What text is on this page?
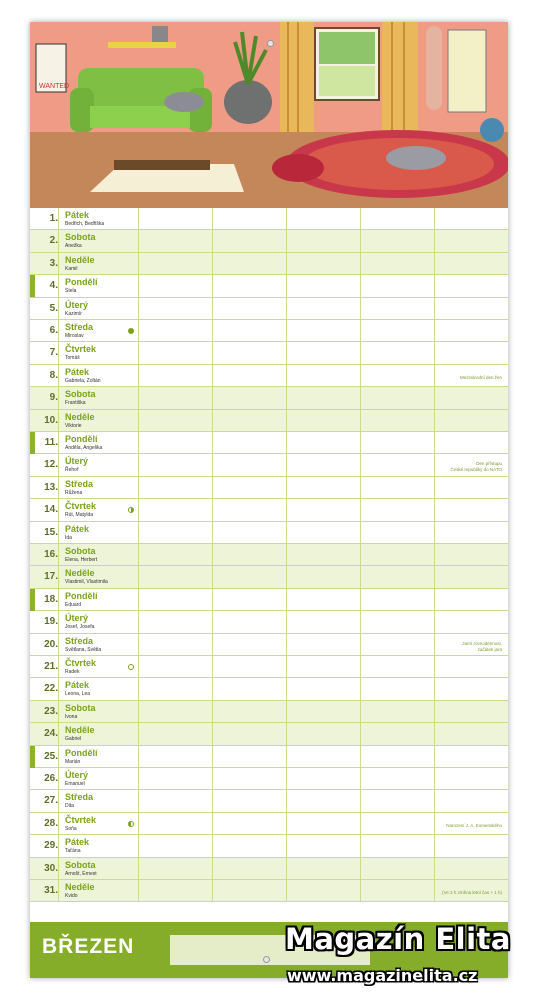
WANTED
1. Pátek
Bedřich, Bedřiška
2. Sobota
Anežka
3. Neděle
Kamil
4. Pondělí
Stela
5. Úterý
Kazimír
6. Středa
Miroslav
7. Čtvrtek
Tomáš
8. Pátek
Gabriela, Zoltán
Mezinárodní den žen
9. Sobota
Františka
10. Neděle
Viktorie
11. Pondělí
Anděla, Angelika
12. Úterý
Řehoř
Den přístupu
České republiky do NATO
13. Středa
Růžena
14. Čtvrtek
Rút, Matylda
15. Pátek
Ida
16. Sobota
Elena, Herbert
17. Neděle
Vlastimil, Vlastimila
18. Pondělí
Eduard
19. Úterý
Josef, Josefa
20. Středa
Světlana, Světla
Jarní rovnodennost,
začátek jara
21. Čtvrtek
Radek
22. Pátek
Leona, Lea
23. Sobota
Ivona
24. Neděle
Gabriel
25. Pondělí
Marián
26. Úterý
Emanuel
27. Středa
Dita
28. Čtvrtek
Soňa
Narození J. A. Komenského
29. Pátek
Taťána
30. Sobota
Arnošt, Ernest
31. Neděle
Kvido
(Ve 2 h změna letní čas + 1 h)
BŘEZEN	Magazín Elita
www.magazinelita.cz
